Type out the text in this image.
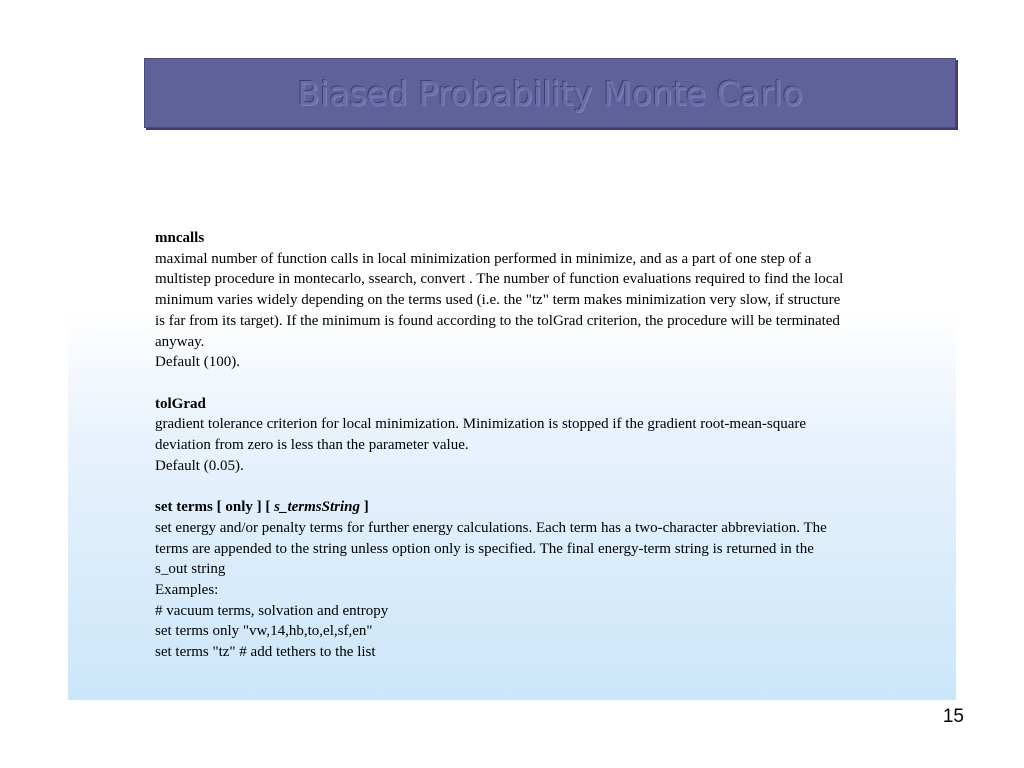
Biased Probability Monte Carlo
mncalls
maximal number of function calls in local minimization performed in minimize, and as a part of one step of a
multistep procedure in montecarlo, ssearch, convert . The number of function evaluations required to find the local
minimum varies widely depending on the terms used (i.e. the "tz" term makes minimization very slow, if structure
is far from its target). If the minimum is found according to the tolGrad criterion, the procedure will be terminated
anyway.
Default (100).
tolGrad
gradient tolerance criterion for local minimization. Minimization is stopped if the gradient root-mean-square
deviation from zero is less than the parameter value.
Default (0.05).
set terms [ only ] [ s_termsString ]
set energy and/or penalty terms for further energy calculations. Each term has a two-character abbreviation. The
terms are appended to the string unless option only is specified. The final energy-term string is returned in the
s_out string
Examples:
# vacuum terms, solvation and entropy
set terms only "vw,14,hb,to,el,sf,en"
set terms "tz" # add tethers to the list
15
